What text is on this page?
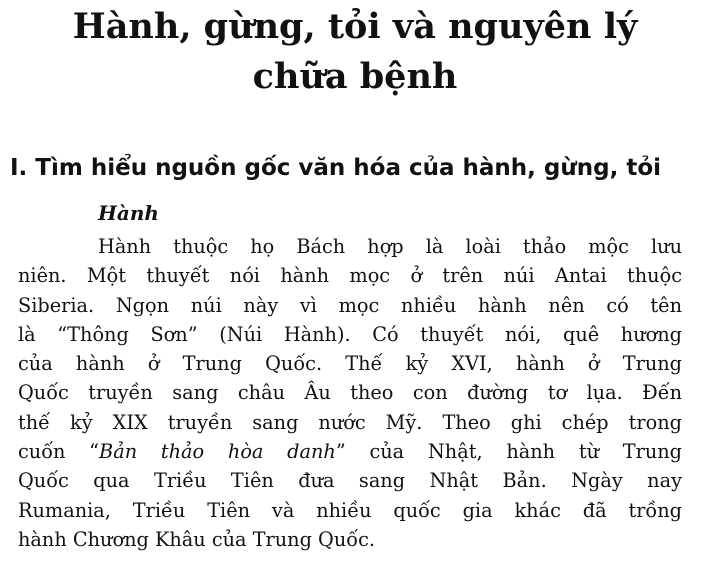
Hành, gừng, tỏi và nguyên lý
chữa bệnh
I. Tìm hiểu nguồn gốc văn hóa của hành, gừng, tỏi
Hành

Hành thuộc họ Bách hợp là loài thảo mộc lưu
niên. Một thuyết nói hành mọc ở trên núi Antai thuộc
Siberia. Ngọn núi này vì mọc nhiều hành nên có tên
là “Thông Sơn” (Núi Hành). Có thuyết nói, quê hương
của hành ở Trung Quốc. Thế kỷ XVI, hành ở Trung
Quốc truyền sang châu Âu theo con đường tơ lụa. Đến
thế kỷ XIX truyền sang nước Mỹ. Theo ghi chép trong
cuốn “Bản thảo hòa danh” của Nhật, hành từ Trung
Quốc qua Triều Tiên đưa sang Nhật Bản. Ngày nay
Rumania, Triều Tiên và nhiều quốc gia khác đã trồng
hành Chương Khâu của Trung Quốc.
